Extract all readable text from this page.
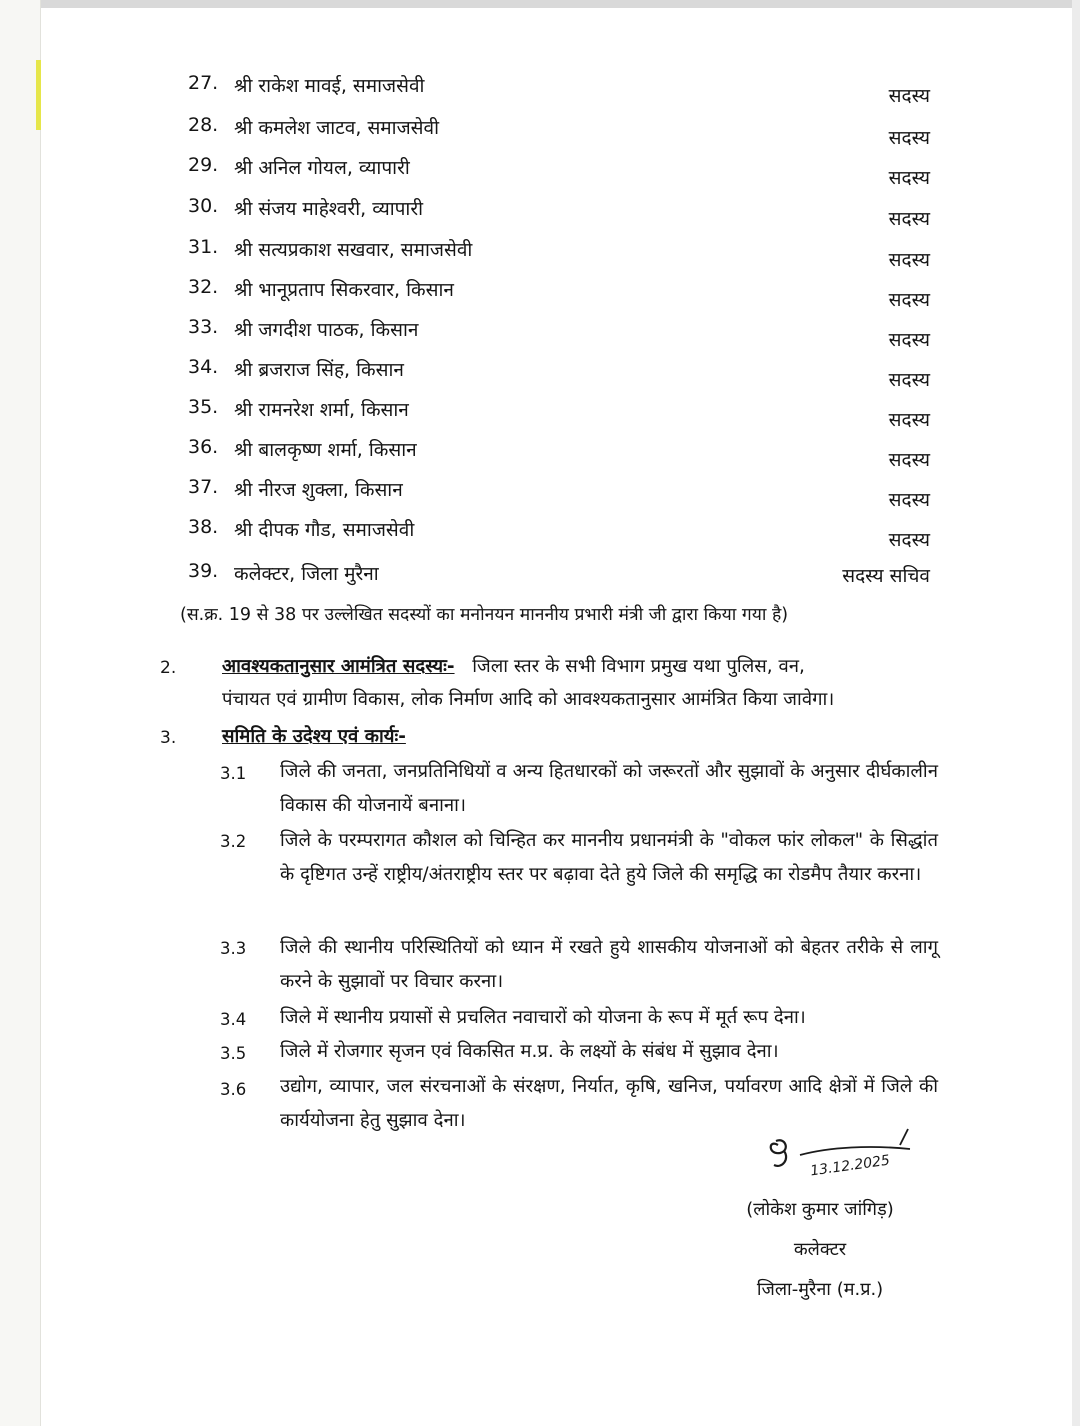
27. श्री राकेश मावई, समाजसेवी	सदस्य
28. श्री कमलेश जाटव, समाजसेवी	सदस्य
29. श्री अनिल गोयल, व्यापारी	सदस्य
30. श्री संजय माहेश्वरी, व्यापारी	सदस्य
31. श्री सत्यप्रकाश सखवार, समाजसेवी	सदस्य
32. श्री भानूप्रताप सिकरवार, किसान	सदस्य
33. श्री जगदीश पाठक, किसान	सदस्य
34. श्री ब्रजराज सिंह, किसान	सदस्य
35. श्री रामनरेश शर्मा, किसान	सदस्य
36. श्री बालकृष्ण शर्मा, किसान	सदस्य
37. श्री नीरज शुक्ला, किसान	सदस्य
38. श्री दीपक गौड, समाजसेवी	सदस्य
39. कलेक्टर, जिला मुरैना	सदस्य सचिव
(स.क्र. 19 से 38 पर उल्लेखित सदस्यों का मनोनयन माननीय प्रभारी मंत्री जी द्वारा किया गया है)
2. आवश्यकतानुसार आमंत्रित सदस्यः- जिला स्तर के सभी विभाग प्रमुख यथा पुलिस, वन,
पंचायत एवं ग्रामीण विकास, लोक निर्माण आदि को आवश्यकतानुसार आमंत्रित किया जावेगा।
3. समिति के उदेश्य एवं कार्यः-
3.1 जिले की जनता, जनप्रतिनिधियों व अन्य हितधारकों को जरूरतों और सुझावों के अनुसार दीर्घकालीन विकास की योजनायें बनाना।
3.2 जिले के परम्परागत कौशल को चिन्हित कर माननीय प्रधानमंत्री के "वोकल फांर लोकल" के सिद्धांत के दृष्टिगत उन्हें राष्ट्रीय/अंतराष्ट्रीय स्तर पर बढ़ावा देते हुये जिले की समृद्धि का रोडमैप तैयार करना।
3.3 जिले की स्थानीय परिस्थितियों को ध्यान में रखते हुये शासकीय योजनाओं को बेहतर तरीके से लागू करने के सुझावों पर विचार करना।
3.4 जिले में स्थानीय प्रयासों से प्रचलित नवाचारों को योजना के रूप में मूर्त रूप देना।
3.5 जिले में रोजगार सृजन एवं विकसित म.प्र. के लक्ष्यों के संबंध में सुझाव देना।
3.6 उद्योग, व्यापार, जल संरचनाओं के संरक्षण, निर्यात, कृषि, खनिज, पर्यावरण आदि क्षेत्रों में जिले की कार्ययोजना हेतु सुझाव देना।
13.12.2025
(लोकेश कुमार जांगिड़)
कलेक्टर
जिला-मुरैना (म.प्र.)
